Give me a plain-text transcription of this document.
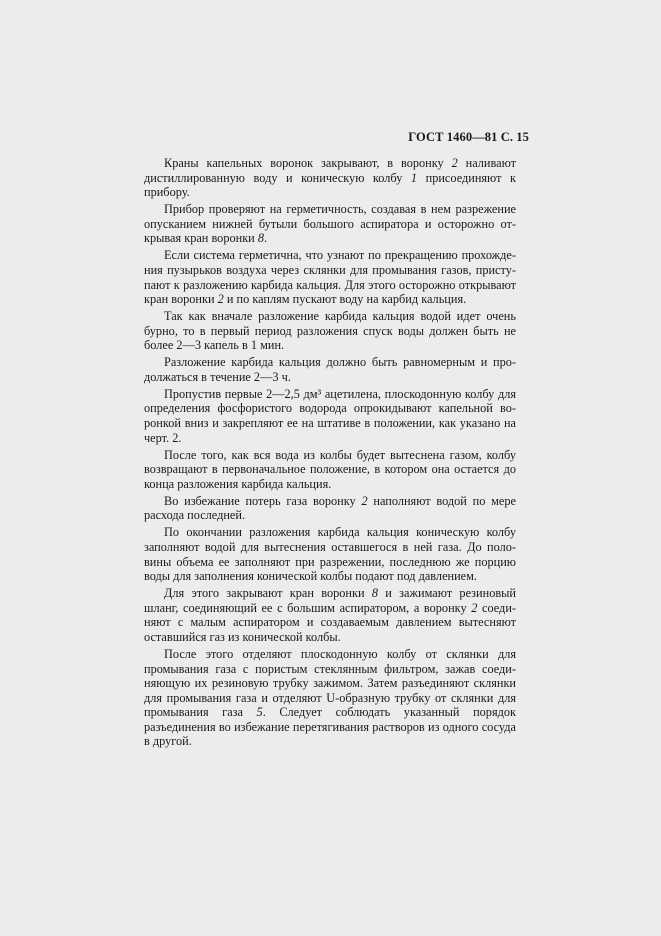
ГОСТ 1460—81 С. 15

Краны капельных воронок закрывают, в воронку 2 наливают дистиллированную воду и коническую колбу 1 присоединяют к прибору.

Прибор проверяют на герметичность, создавая в нем разрежение опусканием нижней бутыли большого аспиратора и осторожно открывая кран воронки 8.

Если система герметична, что узнают по прекращению прохождения пузырьков воздуха через склянки для промывания газов, приступают к разложению карбида кальция. Для этого осторожно открывают кран воронки 2 и по каплям пускают воду на карбид кальция.

Так как вначале разложение карбида кальция водой идет очень бурно, то в первый период разложения спуск воды должен быть не более 2—3 капель в 1 мин.

Разложение карбида кальция должно быть равномерным и продолжаться в течение 2—3 ч.

Пропустив первые 2—2,5 дм³ ацетилена, плоскодонную колбу для определения фосфористого водорода опрокидывают капельной воронкой вниз и закрепляют ее на штативе в положении, как указано на черт. 2.

После того, как вся вода из колбы будет вытеснена газом, колбу возвращают в первоначальное положение, в котором она остается до конца разложения карбида кальция.

Во избежание потерь газа воронку 2 наполняют водой по мере расхода последней.

По окончании разложения карбида кальция коническую колбу заполняют водой для вытеснения оставшегося в ней газа. До половины объема ее заполняют при разрежении, последнюю же порцию воды для заполнения конической колбы подают под давлением.

Для этого закрывают кран воронки 8 и зажимают резиновый шланг, соединяющий ее с большим аспиратором, а воронку 2 соединяют с малым аспиратором и создаваемым давлением вытесняют оставшийся газ из конической колбы.

После этого отделяют плоскодонную колбу от склянки для промывания газа с пористым стеклянным фильтром, зажав соединяющую их резиновую трубку зажимом. Затем разъединяют склянки для промывания газа и отделяют U-образную трубку от склянки для промывания газа 5. Следует соблюдать указанный порядок разъединения во избежание перетягивания растворов из одного сосуда в другой.
